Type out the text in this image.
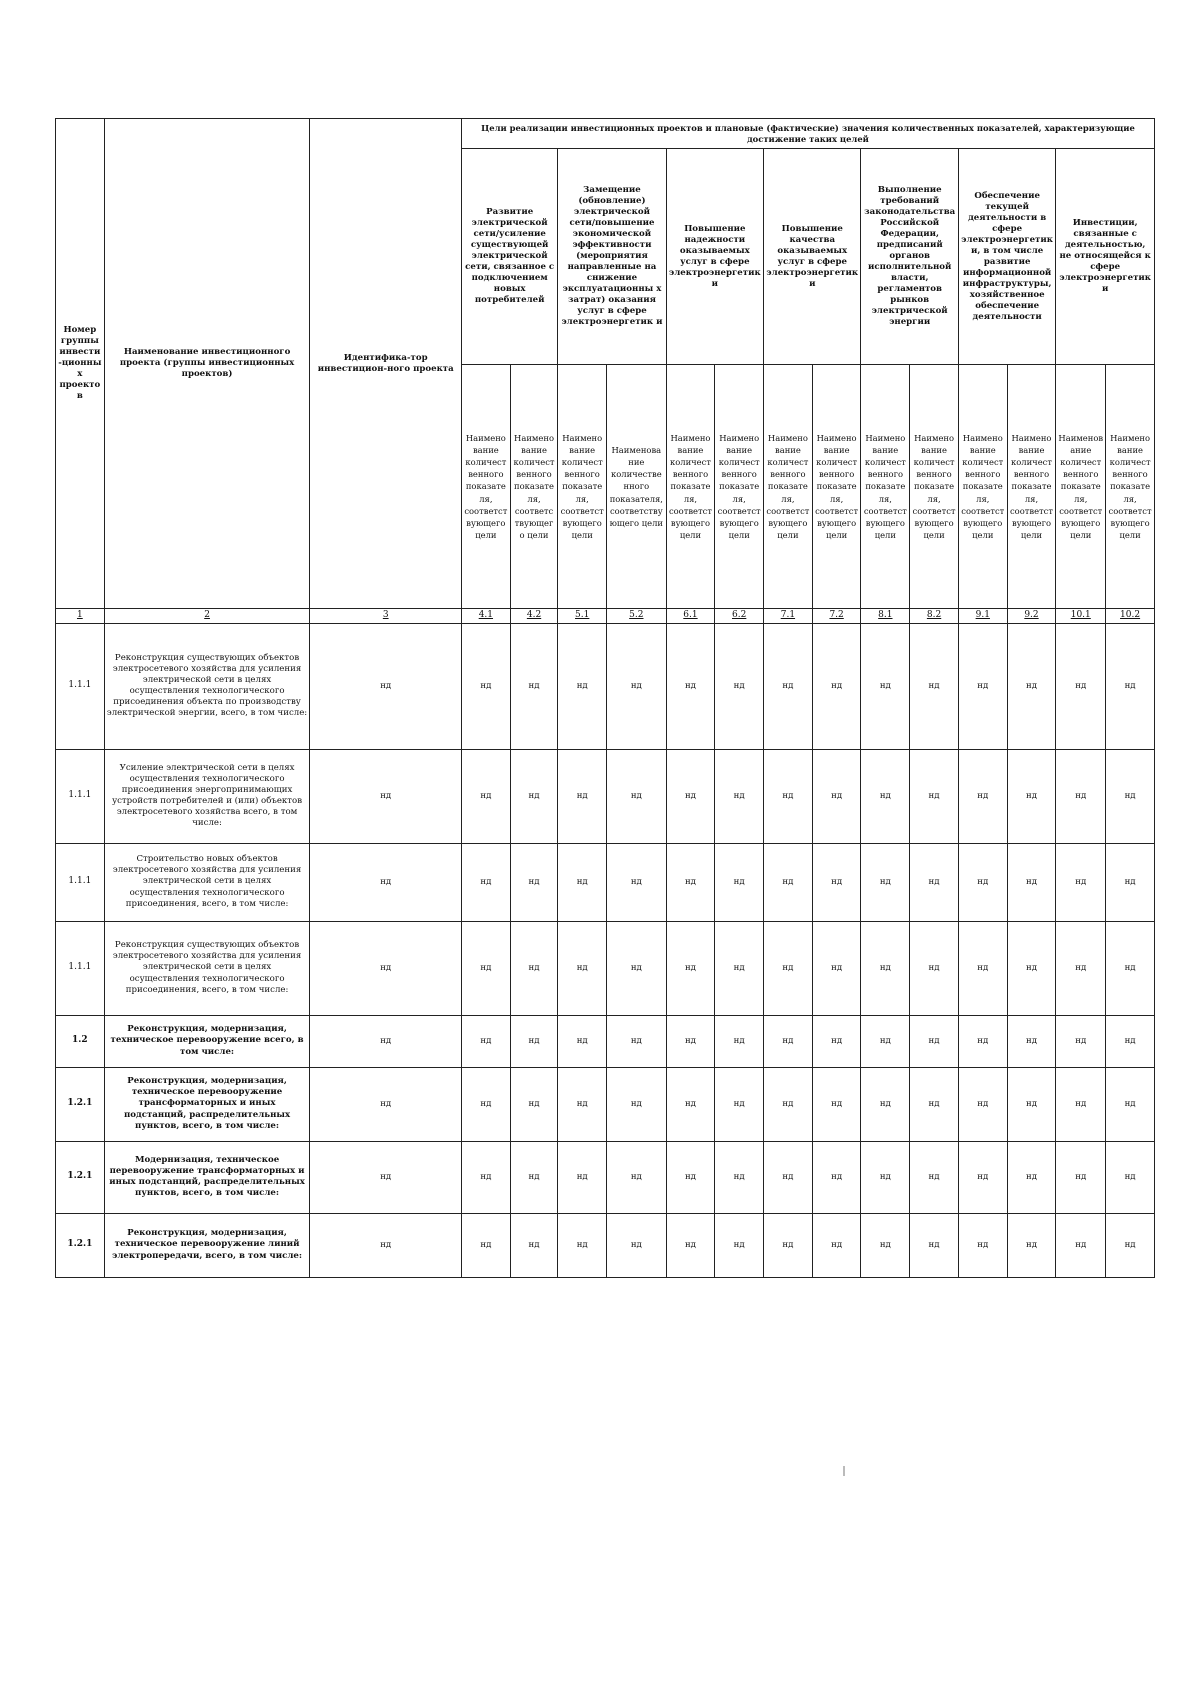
Номер группы инвести-ционны х проекто в	Наименование инвестиционного проекта (группы инвестиционных проектов)	Идентифика-тор инвестицион-ного проекта	Цели реализации инвестиционных проектов и плановые (фактические) значения количественных показателей, характеризующие достижение таких целей													
			Развитие электрической сети/усиление существующей электрической сети, связанное с подключением новых потребителей		Замещение (обновление) электрической сети/повышение экономической эффективности (мероприятия направленные на снижение эксплуатационны х затрат) оказания услуг в сфере электроэнергетик и		Повышение надежности оказываемых услуг в сфере электроэнергетики		Повышение качества оказываемых услуг в сфере электроэнергетики		Выполнение требований законодательства Российской Федерации, предписаний органов исполнительной власти, регламентов рынков электрической энергии		Обеспечение текущей деятельности в сфере электроэнергетики, в том числе развитие информационной инфраструктуры, хозяйственное обеспечение деятельности		Инвестиции, связанные с деятельностью, не относящейся к сфере электроэнергетики	
			Наименование количественного показателя, соответствующего цели	Наименование количественного показателя, соответствующего цели	Наименование количественного показателя, соответствующего цели	Наименование количественного показателя, соответствующего цели	Наименование количественного показателя, соответствующего цели	Наименование количественного показателя, соответствующего цели	Наименование количественного показателя, соответствующего цели	Наименование количественного показателя, соответствующего цели	Наименование количественного показателя, соответствующего цели	Наименование количественного показателя, соответствующего цели	Наименование количественного показателя, соответствующего цели	Наименование количественного показателя, соответствующего цели	Наименование количественного показателя, соответствующего цели	Наименование количественного показателя, соответствующего цели
1	2	3	4.1	4.2	5.1	5.2	6.1	6.2	7.1	7.2	8.1	8.2	9.1	9.2	10.1	10.2
1.1.1	Реконструкция существующих объектов электросетевого хозяйства для усиления электрической сети в целях осуществления технологического присоединения объекта по производству электрической энергии, всего, в том числе:	нд	нд	нд	нд	нд	нд	нд	нд	нд	нд	нд	нд	нд	нд	нд
1.1.1	Усиление электрической сети в целях осуществления технологического присоединения энергопринимающих устройств потребителей и (или) объектов электросетевого хозяйства всего, в том числе:	нд	нд	нд	нд	нд	нд	нд	нд	нд	нд	нд	нд	нд	нд	нд
1.1.1	Строительство новых объектов электросетевого хозяйства для усиления электрической сети в целях осуществления технологического присоединения, всего, в том числе:	нд	нд	нд	нд	нд	нд	нд	нд	нд	нд	нд	нд	нд	нд	нд
1.1.1	Реконструкция существующих объектов электросетевого хозяйства для усиления электрической сети в целях осуществления технологического присоединения, всего, в том числе:	нд	нд	нд	нд	нд	нд	нд	нд	нд	нд	нд	нд	нд	нд	нд
1.2	Реконструкция, модернизация, техническое перевооружение всего, в том числе:	нд	нд	нд	нд	нд	нд	нд	нд	нд	нд	нд	нд	нд	нд	нд
1.2.1	Реконструкция, модернизация, техническое перевооружение трансформаторных и иных подстанций, распределительных пунктов, всего, в том числе:	нд	нд	нд	нд	нд	нд	нд	нд	нд	нд	нд	нд	нд	нд	нд
1.2.1	Модернизация, техническое перевооружение трансформаторных и иных подстанций, распределительных пунктов, всего, в том числе:	нд	нд	нд	нд	нд	нд	нд	нд	нд	нд	нд	нд	нд	нд	нд
1.2.1	Реконструкция, модернизация, техническое перевооружение линий электропередачи, всего, в том числе:	нд	нд	нд	нд	нд	нд	нд	нд	нд	нд	нд	нд	нд	нд	нд
